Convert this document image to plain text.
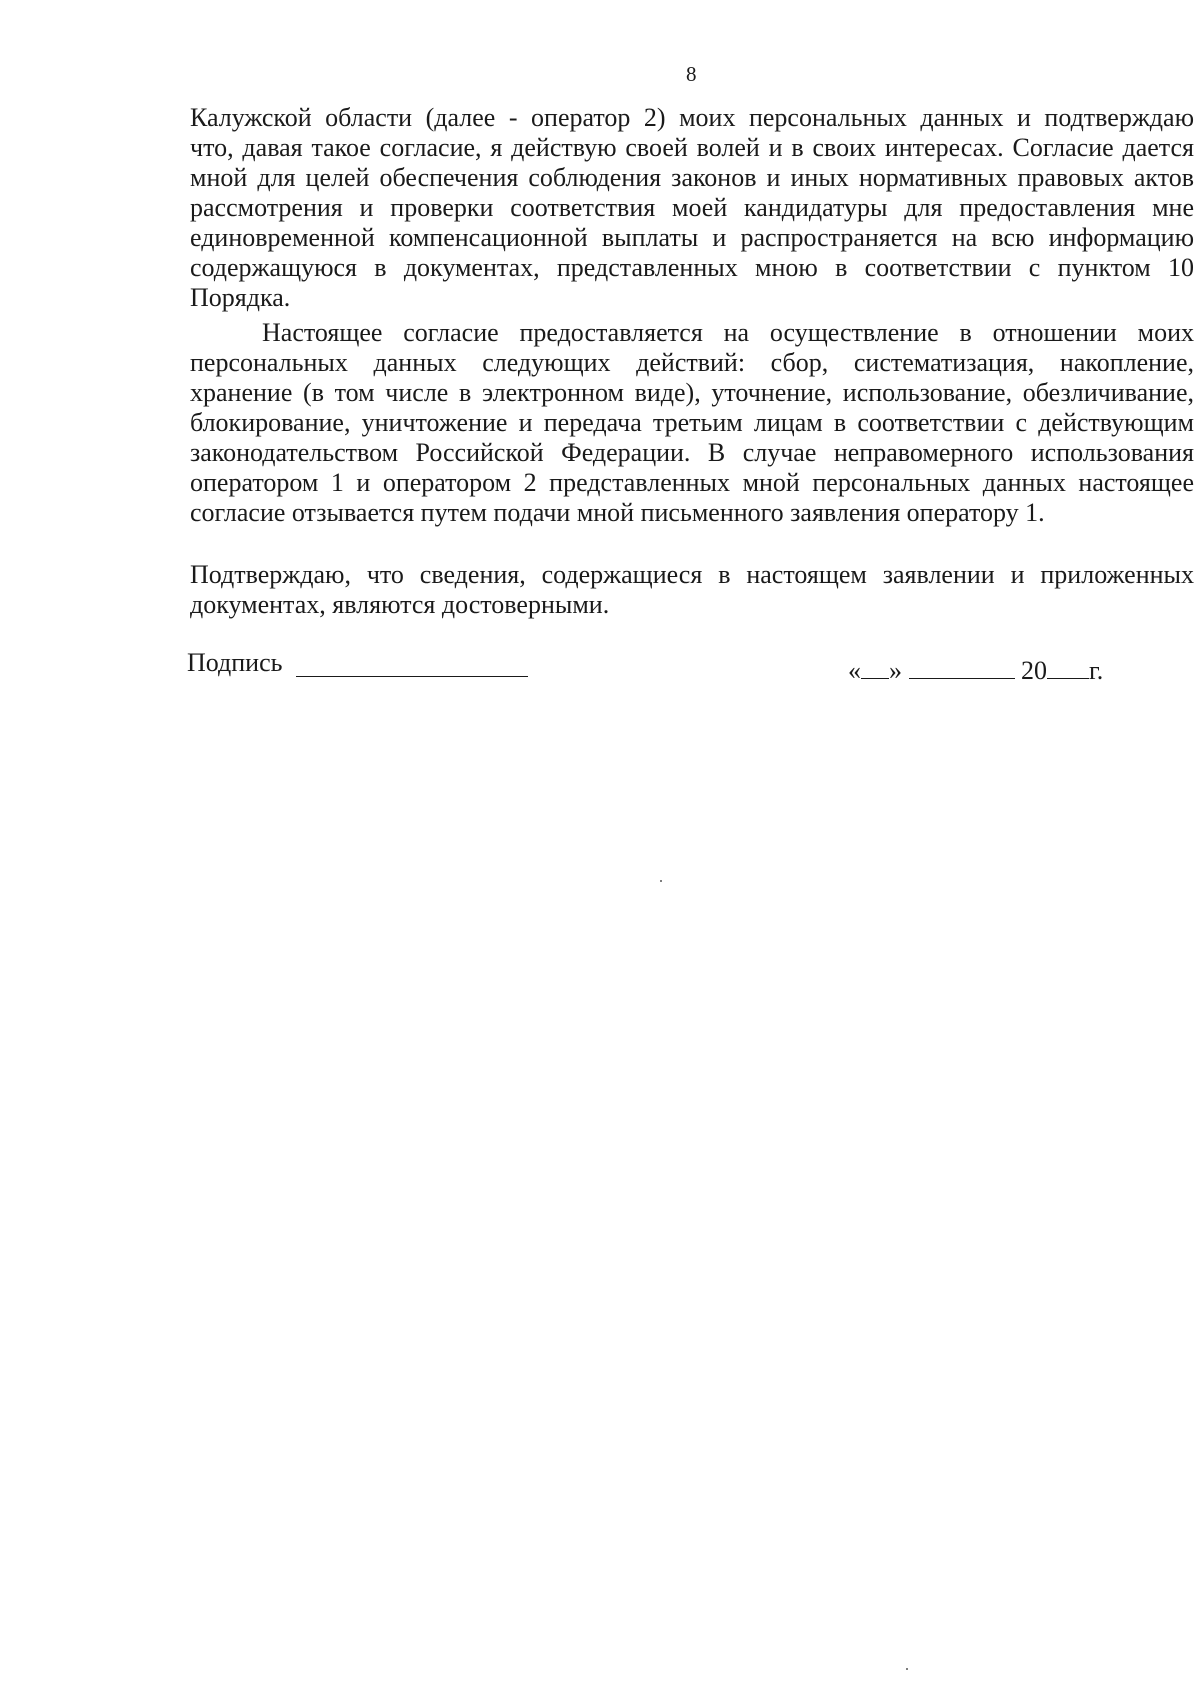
8
Калужской области (далее - оператор 2) моих персональных данных и подтверждаю
что, давая такое согласие, я действую своей волей и в своих интересах. Согласие дается
мной для целей обеспечения соблюдения законов и иных нормативных правовых актов
рассмотрения и проверки соответствия моей кандидатуры для предоставления мне
единовременной компенсационной выплаты и распространяется на всю информацию
содержащуюся в документах, представленных мною в соответствии с пунктом 10
Порядка.
Настоящее согласие предоставляется на осуществление в отношении моих
персональных данных следующих действий: сбор, систематизация, накопление,
хранение (в том числе в электронном виде), уточнение, использование, обезличивание,
блокирование, уничтожение и передача третьим лицам в соответствии с действующим
законодательством Российской Федерации. В случае неправомерного использования
оператором 1 и оператором 2 представленных мной персональных данных настоящее
согласие отзывается путем подачи мной письменного заявления оператору 1.
Подтверждаю, что сведения, содержащиеся в настоящем заявлении и приложенных
документах, являются достоверными.
Подпись	« »	20 г.
